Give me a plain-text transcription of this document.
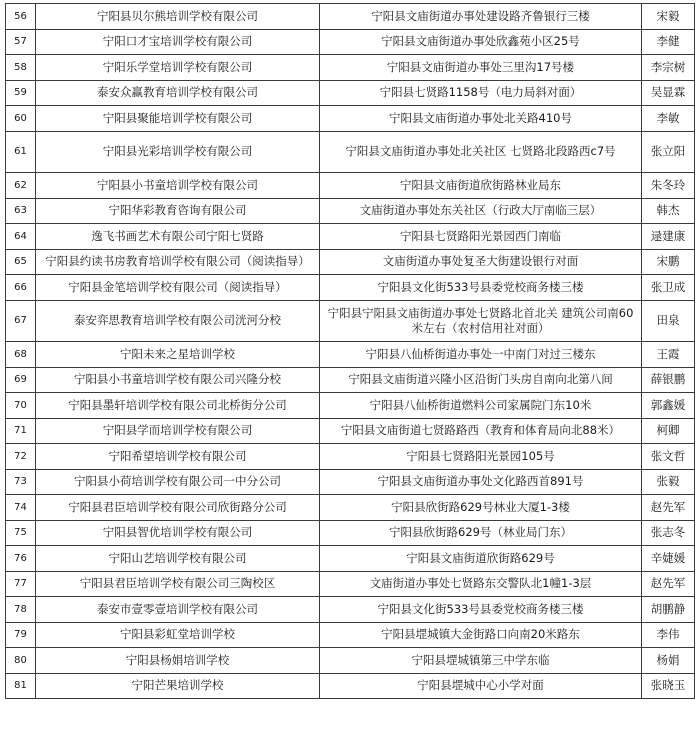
56	宁阳县贝尔熊培训学校有限公司	宁阳县文庙街道办事处建设路齐鲁银行三楼	宋毅
57	宁阳口才宝培训学校有限公司	宁阳县文庙街道办事处欣鑫苑小区25号	李健
58	宁阳乐学堂培训学校有限公司	宁阳县文庙街道办事处三里沟17号楼	李宗树
59	泰安众赢教育培训学校有限公司	宁阳县七贤路1158号（电力局斜对面）	吴显霖
60	宁阳县聚能培训学校有限公司	宁阳县文庙街道办事处北关路410号	李敏
61	宁阳县光彩培训学校有限公司	宁阳县文庙街道办事处北关社区 七贤路北段路西c7号	张立阳
62	宁阳县小书童培训学校有限公司	宁阳县文庙街道欣街路林业局东	朱冬玲
63	宁阳华彩教育咨询有限公司	文庙街道办事处东关社区（行政大厅南临三层）	韩杰
64	逸飞书画艺术有限公司宁阳七贤路	宁阳县七贤路阳光景园西门南临	逯建康
65	宁阳县约读书房教育培训学校有限公司（阅读指导）	文庙街道办事处复圣大街建设银行对面	宋鹏
66	宁阳县金笔培训学校有限公司（阅读指导）	宁阳县文化街533号县委党校商务楼三楼	张卫成
67	泰安弈思教育培训学校有限公司洸河分校	宁阳县宁阳县文庙街道办事处七贤路北首北关 建筑公司南60米左右（农村信用社对面）	田泉
68	宁阳未来之星培训学校	宁阳县八仙桥街道办事处一中南门对过三楼东	王霞
69	宁阳县小书童培训学校有限公司兴隆分校	宁阳县文庙街道兴隆小区沿街门头房自南向北第八间	薛银鹏
70	宁阳县墨轩培训学校有限公司北桥街分公司	宁阳县八仙桥街道燃料公司家属院门东10米	郭鑫媛
71	宁阳县学而培训学校有限公司	宁阳县文庙街道七贤路路西（教育和体育局向北88米）	柯卿
72	宁阳希望培训学校有限公司	宁阳县七贤路阳光景园105号	张文哲
73	宁阳县小荷培训学校有限公司一中分公司	宁阳县文庙街道办事处文化路西首891号	张毅
74	宁阳县君臣培训学校有限公司欣街路分公司	宁阳县欣街路629号林业大厦1-3楼	赵先军
75	宁阳县智优培训学校有限公司	宁阳县欣街路629号（林业局门东）	张志冬
76	宁阳山艺培训学校有限公司	宁阳县文庙街道欣街路629号	辛婕媛
77	宁阳县君臣培训学校有限公司三陶校区	文庙街道办事处七贤路东交警队北1幢1-3层	赵先军
78	泰安市壹零壹培训学校有限公司	宁阳县文化街533号县委党校商务楼三楼	胡鹏静
79	宁阳县彩虹堂培训学校	宁阳县堽城镇大金街路口向南20米路东	李伟
80	宁阳县杨娟培训学校	宁阳县堽城镇第三中学东临	杨娟
81	宁阳芒果培训学校	宁阳县堽城中心小学对面	张晓玉
